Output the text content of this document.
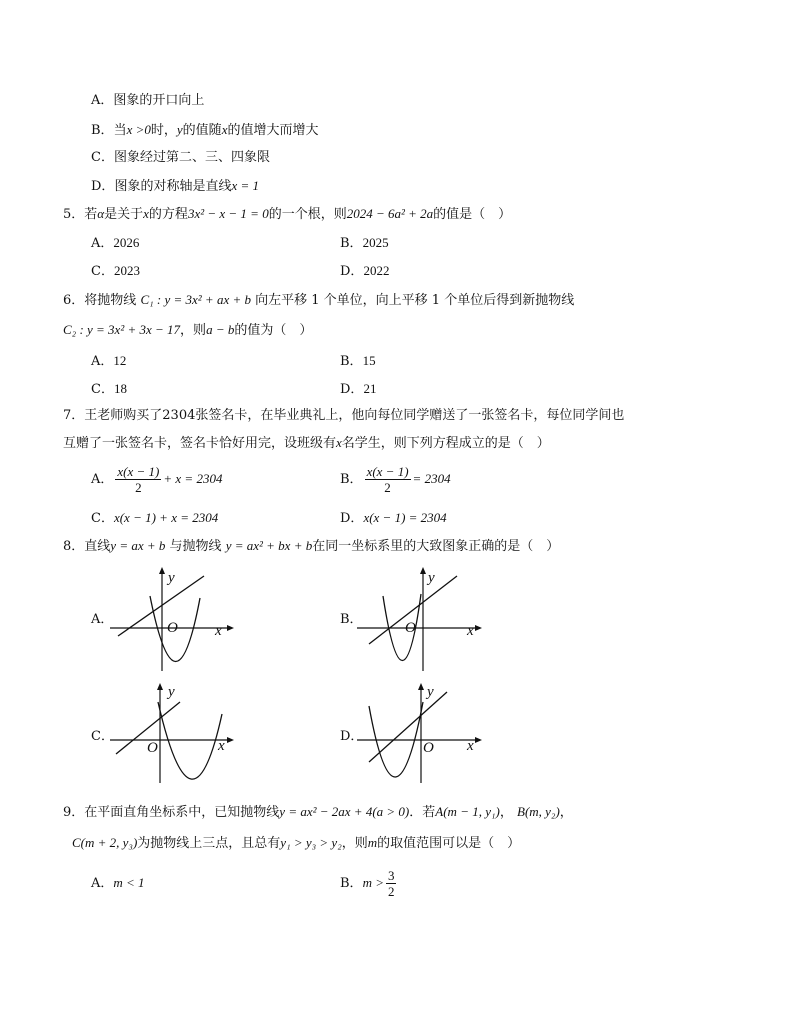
A．图象的开口向上
B．当x >0时，y的值随x的值增大而增大
C．图象经过第二、三、四象限
D．图象的对称轴是直线x = 1
5．若α是关于x的方程3x² − x − 1 = 0的一个根，则2024 − 6a² + 2a的值是（　）
A．2026	B．2025
C．2023	D．2022
6．将抛物线 C₁ : y = 3x² + ax + b 向左平移 1 个单位，向上平移 1 个单位后得到新抛物线
C₂ : y = 3x² + 3x − 17，则a − b的值为（　）
A．12	B．15
C．18	D．21
7．王老师购买了2304张签名卡，在毕业典礼上，他向每位同学赠送了一张签名卡，每位同学间也
互赠了一张签名卡，签名卡恰好用完，设班级有x名学生，则下列方程成立的是（　）
A． $\frac{x(x - 1)}{2} + x = 2304$	B． $\frac{x(x - 1)}{2} = 2304$
C．x(x − 1) + x = 2304	D．x(x − 1) = 2304
8．直线y = ax + b 与抛物线 y = ax² + bx + b在同一坐标系里的大致图象正确的是（　）
A．	B．
C．	D．
O x
y
O	x
y
O	x
y
O x
y
9．在平面直角坐标系中，已知抛物线y = ax² − 2ax + 4(a > 0)．若A(m − 1, y₁)， B(m, y₂)，
C(m + 2, y₃)为抛物线上三点，且总有y₁ > y₃ > y₂，则m的取值范围可以是（　）
A．m < 1	B．$m > \frac{3}{2}$
